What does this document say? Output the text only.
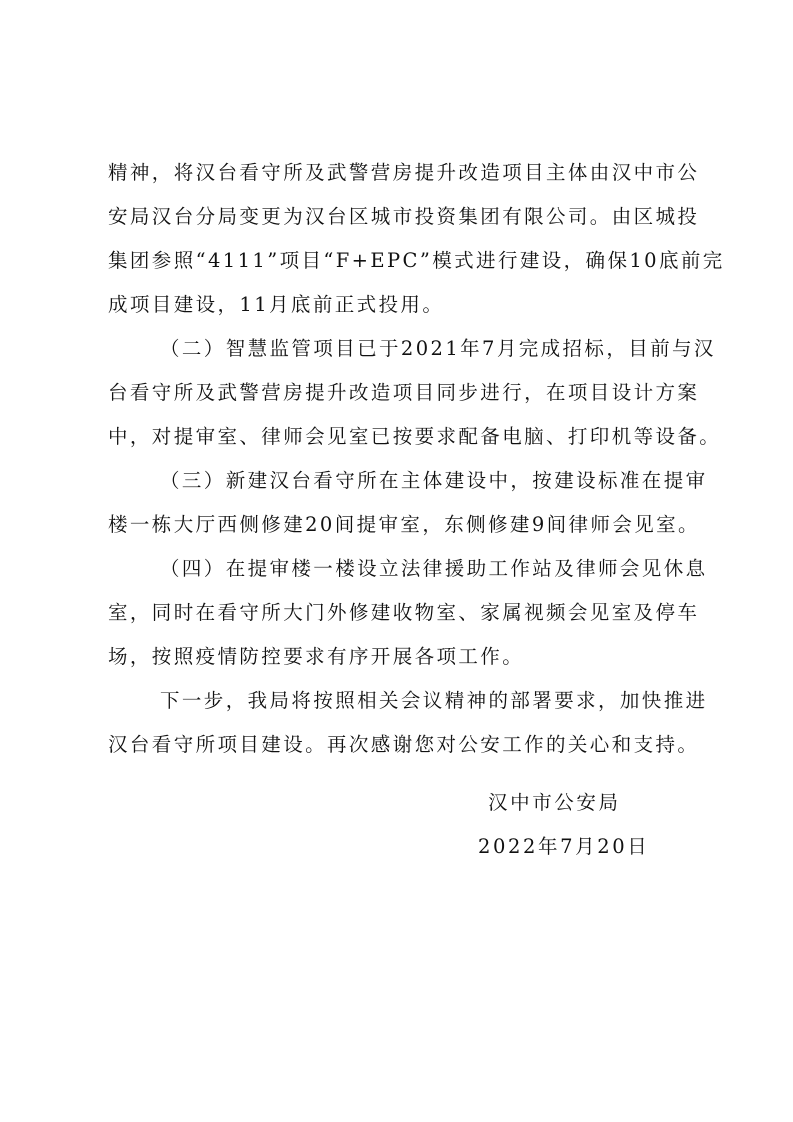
精神，将汉台看守所及武警营房提升改造项目主体由汉中市公
安局汉台分局变更为汉台区城市投资集团有限公司。由区城投
集团参照“4111”项目“F+EPC”模式进行建设，确保10底前完
成项目建设，11月底前正式投用。
（二）智慧监管项目已于2021年7月完成招标，目前与汉
台看守所及武警营房提升改造项目同步进行，在项目设计方案
中，对提审室、律师会见室已按要求配备电脑、打印机等设备。
（三）新建汉台看守所在主体建设中，按建设标准在提审
楼一栋大厅西侧修建20间提审室，东侧修建9间律师会见室。
（四）在提审楼一楼设立法律援助工作站及律师会见休息
室，同时在看守所大门外修建收物室、家属视频会见室及停车
场，按照疫情防控要求有序开展各项工作。
下一步，我局将按照相关会议精神的部署要求，加快推进
汉台看守所项目建设。再次感谢您对公安工作的关心和支持。
汉中市公安局
2022年7月20日
